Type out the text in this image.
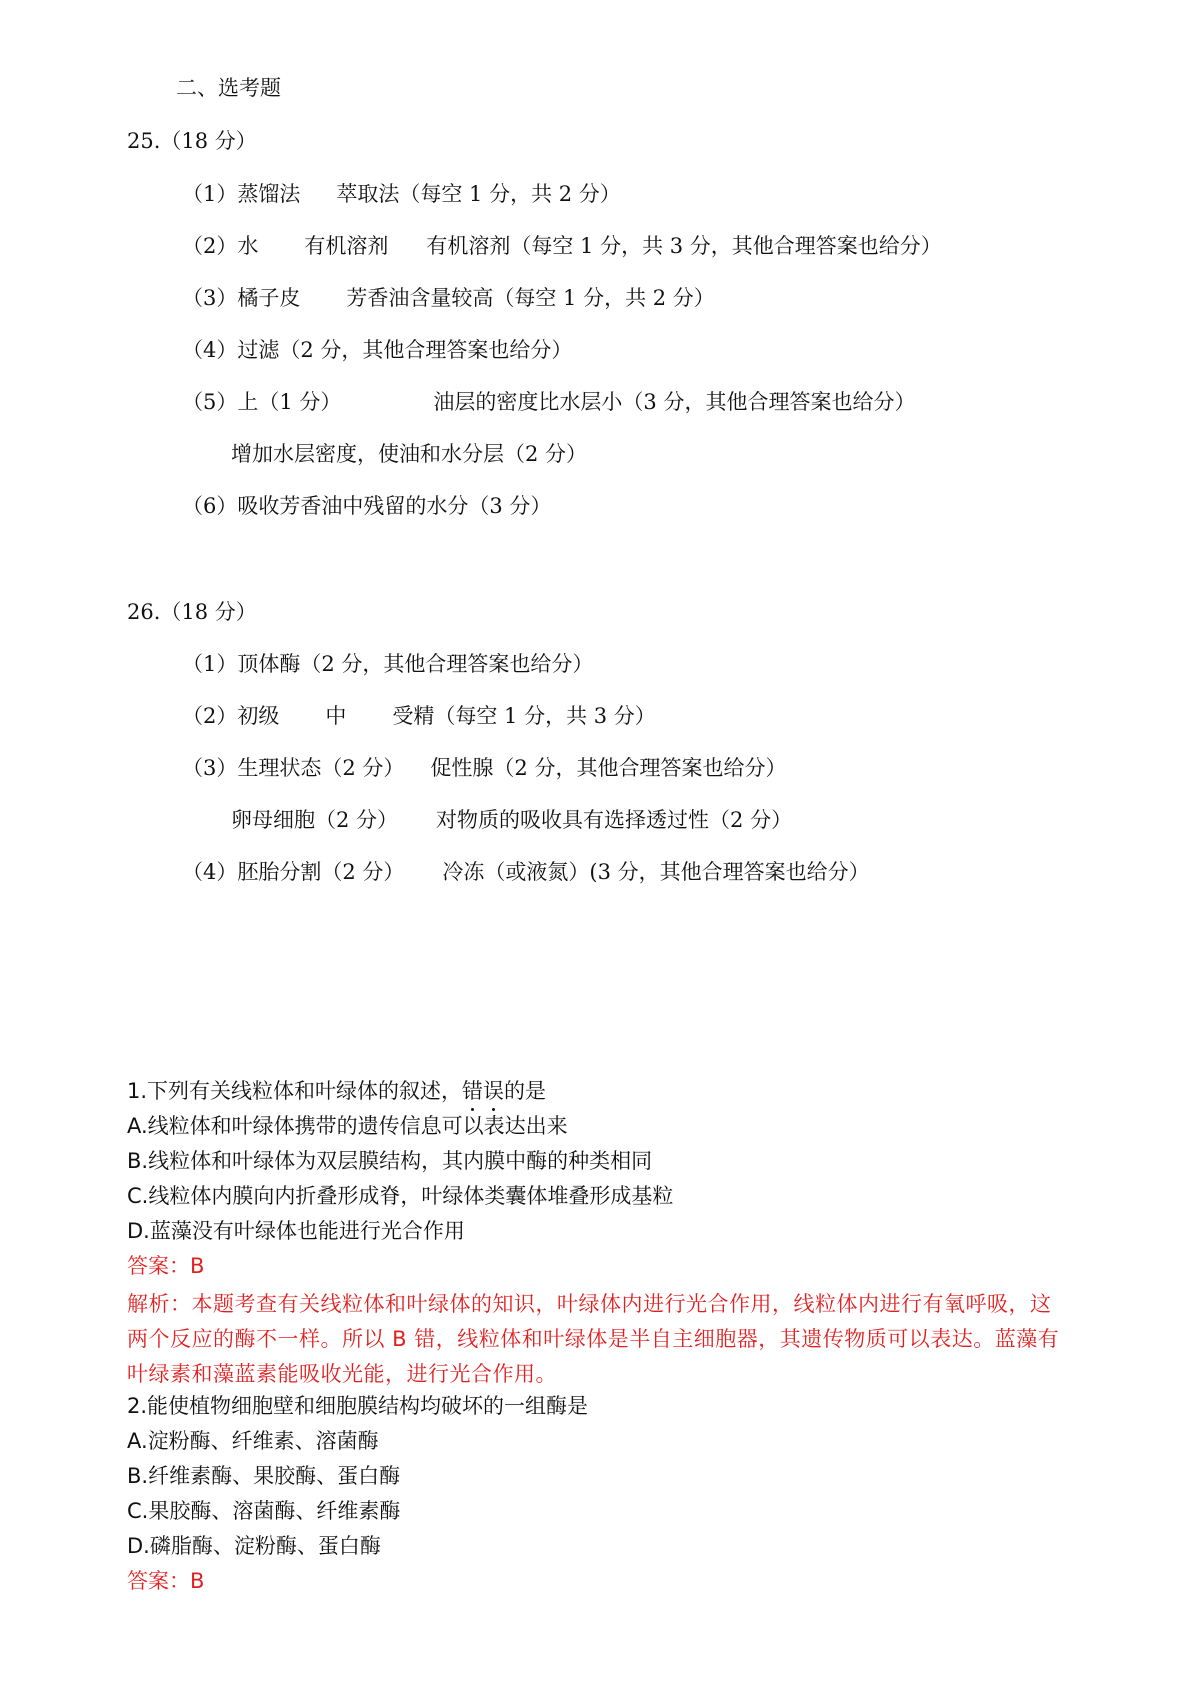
二、选考题
25.（18 分）
（1）蒸馏法 萃取法（每空 1 分，共 2 分）
（2）水 有机溶剂 有机溶剂（每空 1 分，共 3 分，其他合理答案也给分）
（3）橘子皮 芳香油含量较高（每空 1 分，共 2 分）
（4）过滤（2 分，其他合理答案也给分）
（5）上（1 分）	油层的密度比水层小（3 分，其他合理答案也给分）
增加水层密度，使油和水分层（2 分）
（6）吸收芳香油中残留的水分（3 分）
26.（18 分）
（1）顶体酶（2 分，其他合理答案也给分）
（2）初级 中 受精（每空 1 分，共 3 分）
（3）生理状态（2 分） 促性腺（2 分，其他合理答案也给分）
卵母细胞（2 分） 对物质的吸收具有选择透过性（2 分）
（4）胚胎分割（2 分） 冷冻（或液氮）(3 分，其他合理答案也给分）
1.下列有关线粒体和叶绿体的叙述，错误的是
A.线粒体和叶绿体携带的遗传信息可以表达出来
B.线粒体和叶绿体为双层膜结构，其内膜中酶的种类相同
C.线粒体内膜向内折叠形成脊，叶绿体类囊体堆叠形成基粒
D.蓝藻没有叶绿体也能进行光合作用
答案：B
解析：本题考查有关线粒体和叶绿体的知识，叶绿体内进行光合作用，线粒体内进行有氧呼吸，这两个反应的酶不一样。所以 B 错，线粒体和叶绿体是半自主细胞器，其遗传物质可以表达。蓝藻有叶绿素和藻蓝素能吸收光能，进行光合作用。
2.能使植物细胞壁和细胞膜结构均破坏的一组酶是
A.淀粉酶、纤维素、溶菌酶
B.纤维素酶、果胶酶、蛋白酶
C.果胶酶、溶菌酶、纤维素酶
D.磷脂酶、淀粉酶、蛋白酶
答案：B
